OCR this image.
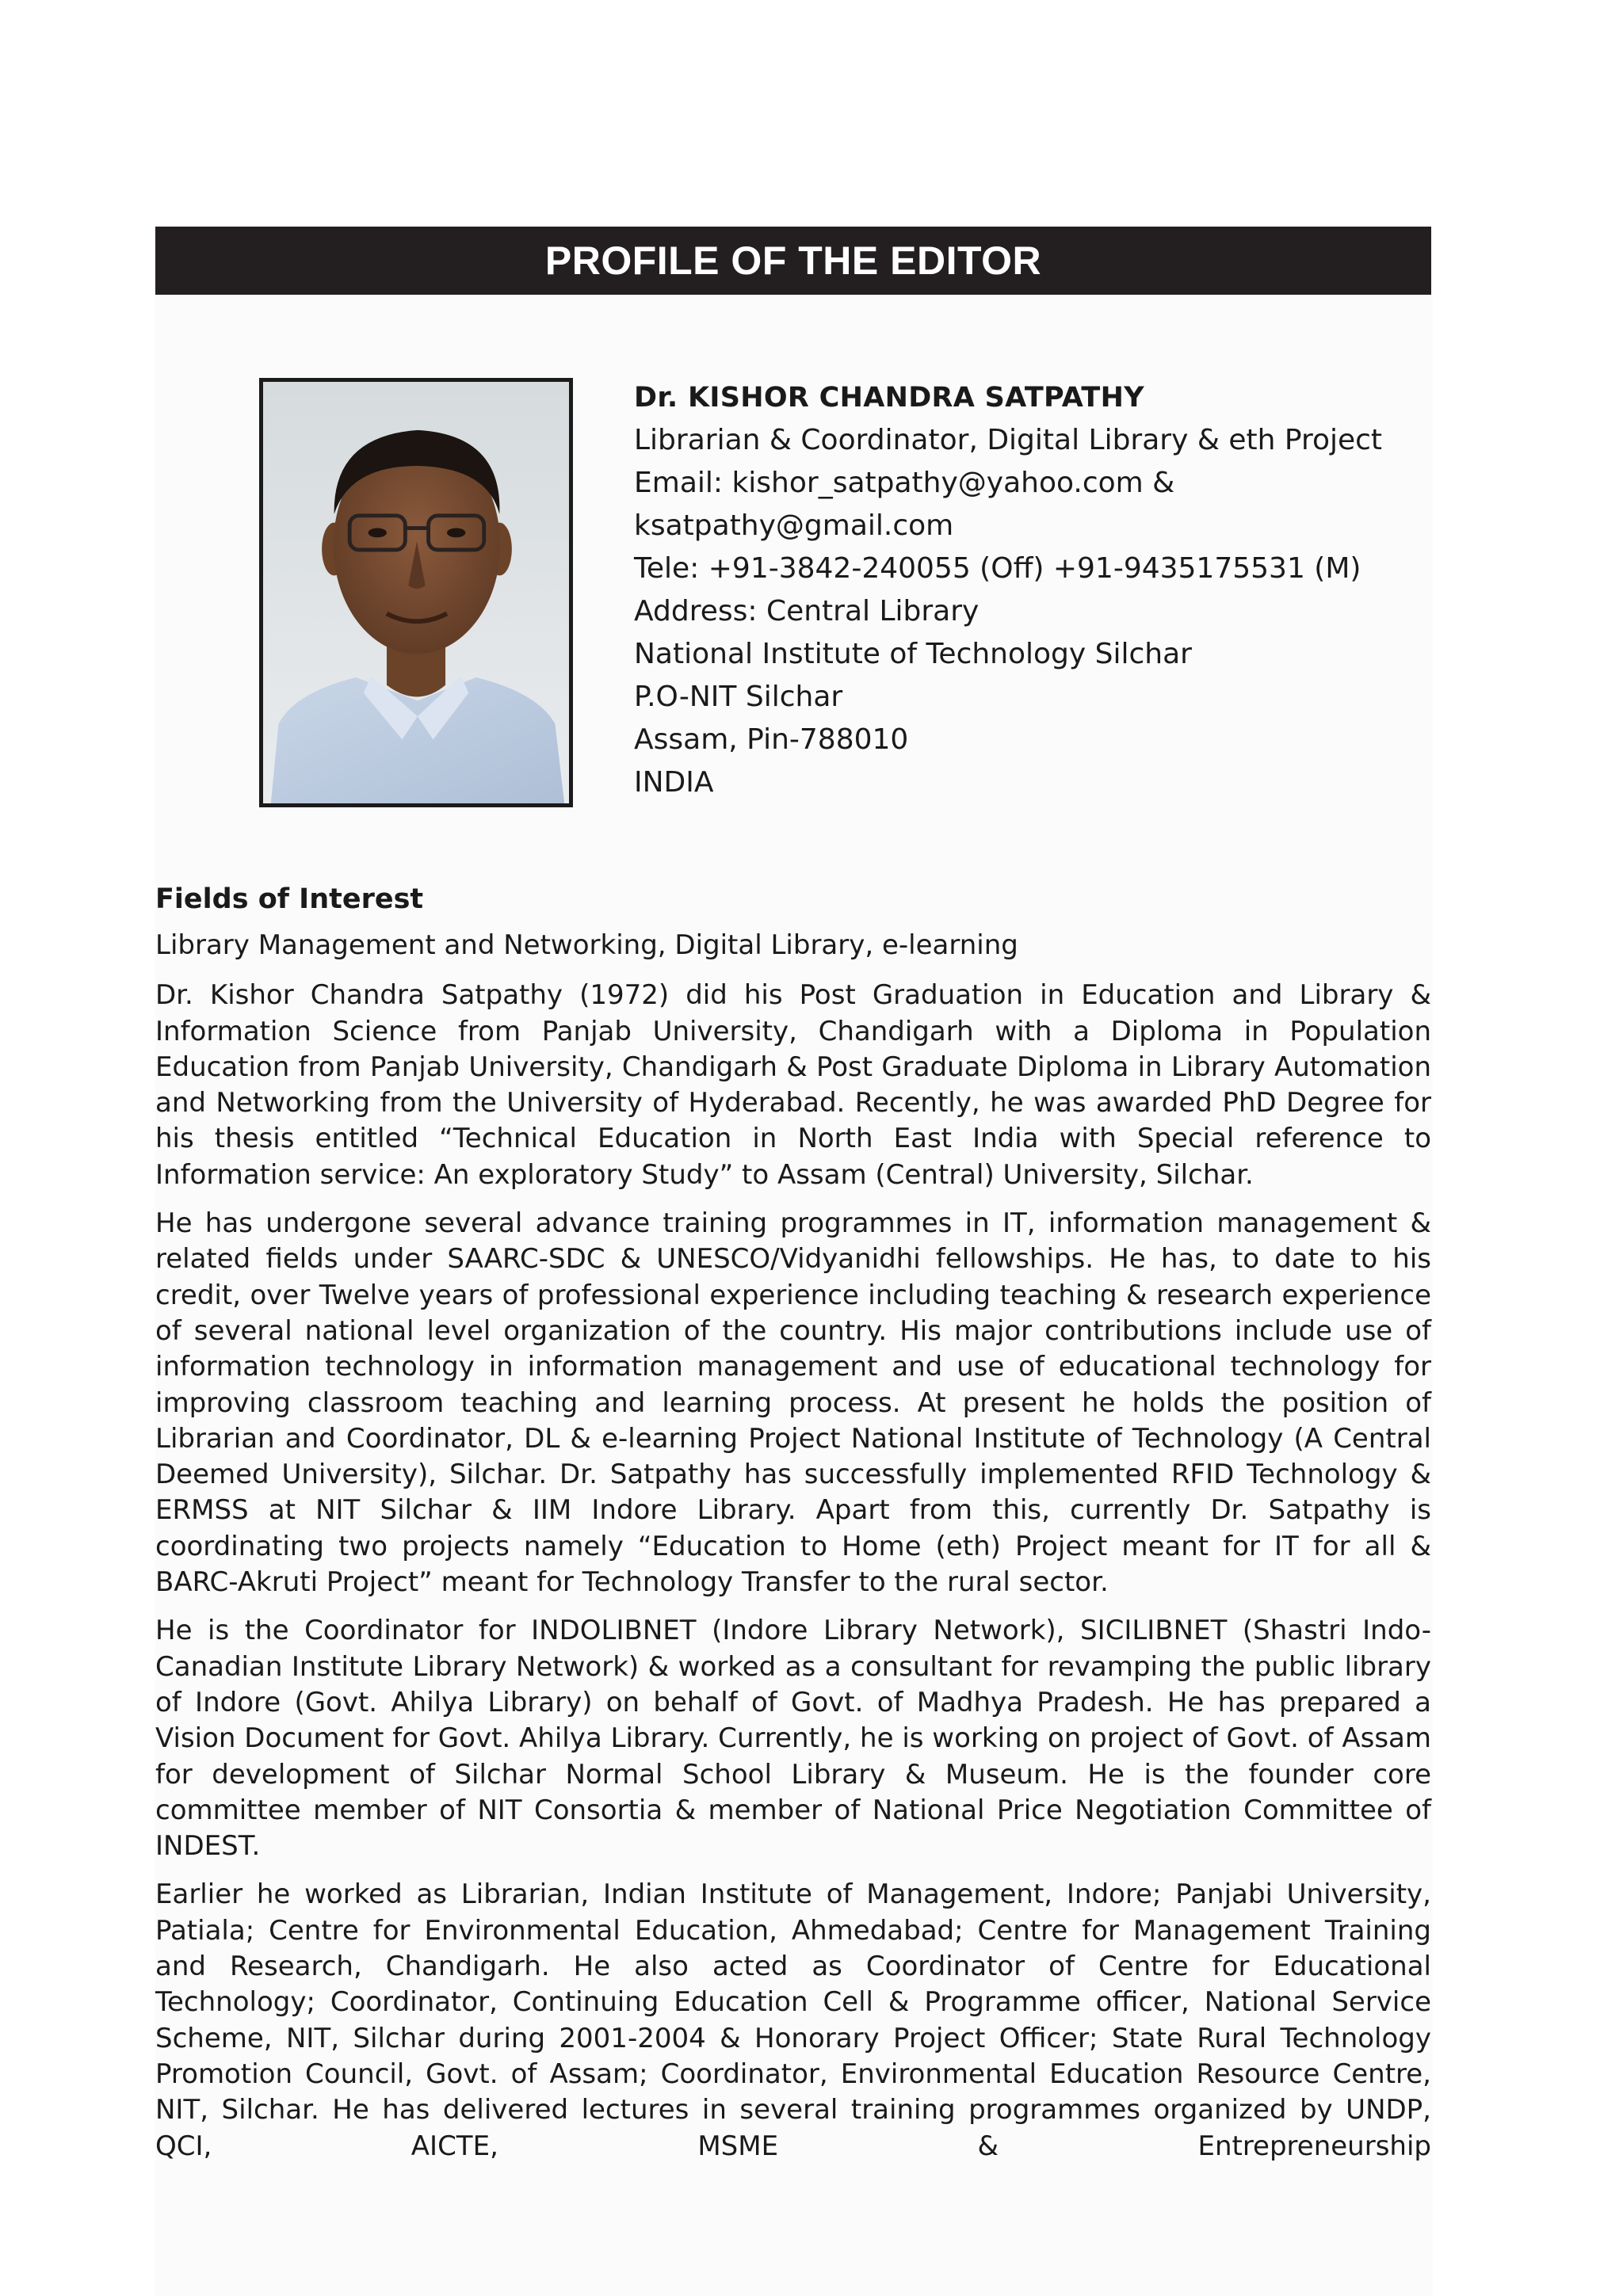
PROFILE OF THE EDITOR
Dr. KISHOR CHANDRA SATPATHY
Librarian & Coordinator, Digital Library & eth Project
Email: kishor_satpathy@yahoo.com &
ksatpathy@gmail.com
Tele: +91-3842-240055 (Off) +91-9435175531 (M)
Address: Central Library
National Institute of Technology Silchar
P.O-NIT Silchar
Assam, Pin-788010
INDIA
Fields of Interest
Library Management and Networking, Digital Library, e-learning

Dr. Kishor Chandra Satpathy (1972) did his Post Graduation in Education and Library & Information Science from Panjab University, Chandigarh with a Diploma in Population Education from Panjab University, Chandigarh & Post Graduate Diploma in Library Automation and Networking from the University of Hyderabad. Recently, he was awarded PhD Degree for his thesis entitled “Technical Education in North East India with Special reference to Information service: An exploratory Study” to Assam (Central) University, Silchar.

He has undergone several advance training programmes in IT, information management & related fields under SAARC-SDC & UNESCO/Vidyanidhi fellowships. He has, to date to his credit, over Twelve years of professional experience including teaching & research experience of several national level organization of the country. His major contributions include use of information technology in information management and use of educational technology for improving classroom teaching and learning process. At present he holds the position of Librarian and Coordinator, DL & e-learning Project National Institute of Technology (A Central Deemed University), Silchar. Dr. Satpathy has successfully implemented RFID Technology & ERMSS at NIT Silchar & IIM Indore Library. Apart from this, currently Dr. Satpathy is coordinating two projects namely “Education to Home (eth) Project meant for IT for all & BARC-Akruti Project” meant for Technology Transfer to the rural sector.

He is the Coordinator for INDOLIBNET (Indore Library Network), SICILIBNET (Shastri Indo-Canadian Institute Library Network) & worked as a consultant for revamping the public library of Indore (Govt. Ahilya Library) on behalf of Govt. of Madhya Pradesh. He has prepared a Vision Document for Govt. Ahilya Library. Currently, he is working on project of Govt. of Assam for development of Silchar Normal School Library & Museum. He is the founder core committee member of NIT Consortia & member of National Price Negotiation Committee of INDEST.

Earlier he worked as Librarian, Indian Institute of Management, Indore; Panjabi University, Patiala; Centre for Environmental Education, Ahmedabad; Centre for Management Training and Research, Chandigarh. He also acted as Coordinator of Centre for Educational Technology; Coordinator, Continuing Education Cell & Programme officer, National Service Scheme, NIT, Silchar during 2001-2004 & Honorary Project Officer; State Rural Technology Promotion Council, Govt. of Assam; Coordinator, Environmental Education Resource Centre, NIT, Silchar. He has delivered lectures in several training programmes organized by UNDP, QCI, AICTE, MSME & Entrepreneurship
